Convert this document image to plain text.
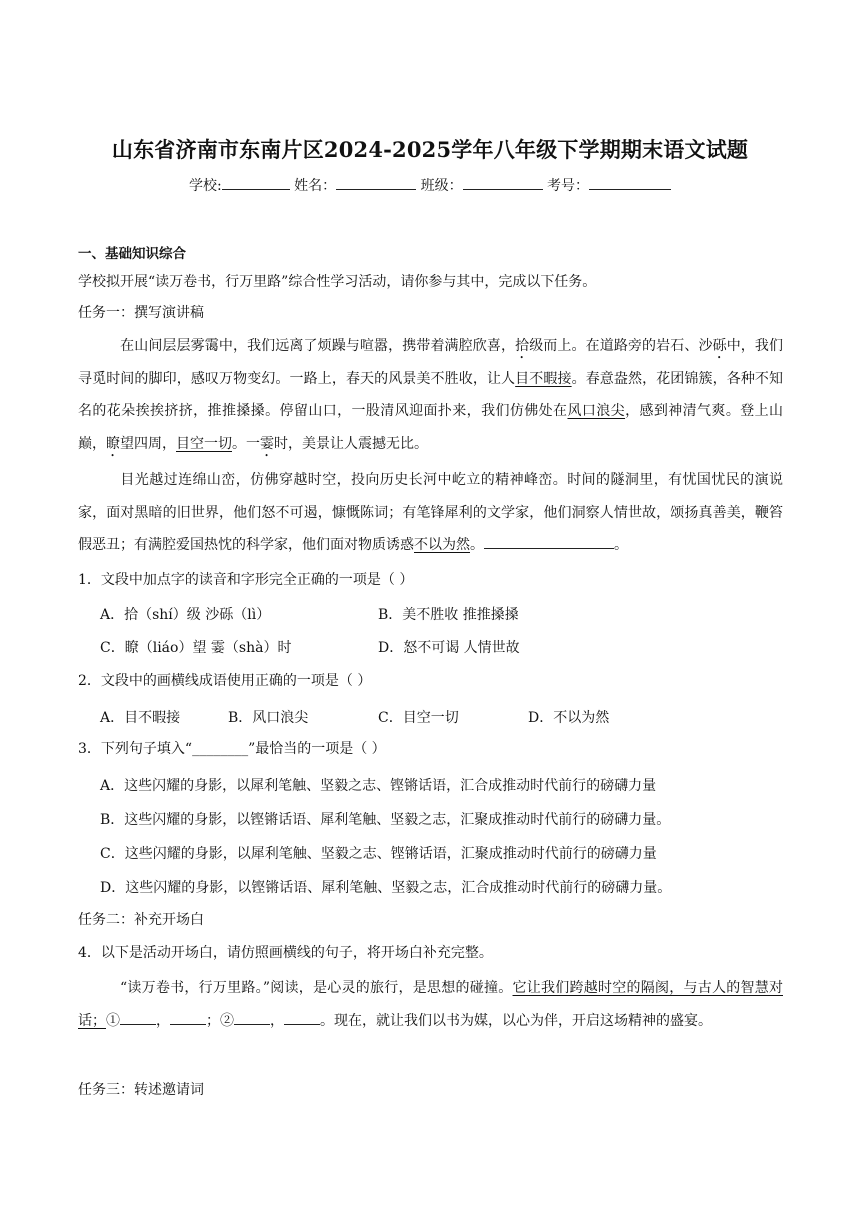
山东省济南市东南片区2024-2025学年八年级下学期期末语文试题
学校:	姓名：	班级：	考号：
一、基础知识综合
学校拟开展“读万卷书，行万里路”综合性学习活动，请你参与其中，完成以下任务。
任务一：撰写演讲稿
在山间层层雾霭中，我们远离了烦躁与喧嚣，携带着满腔欣喜，拾级而上。在道路旁的岩石、沙砾中，我们寻觅时间的脚印，感叹万物变幻。一路上，春天的风景美不胜收，让人目不暇接。春意盎然，花团锦簇，各种不知名的花朵挨挨挤挤，推推搡搡。停留山口，一股清风迎面扑来，我们仿佛处在风口浪尖，感到神清气爽。登上山巅，瞭望四周，目空一切。一霎时，美景让人震撼无比。
目光越过连绵山峦，仿佛穿越时空，投向历史长河中屹立的精神峰峦。时间的隧洞里，有忧国忧民的演说家，面对黑暗的旧世界，他们怒不可遏，慷慨陈词；有笔锋犀利的文学家，他们洞察人情世故，颂扬真善美，鞭笞假恶丑；有满腔爱国热忱的科学家，他们面对物质诱惑不以为然。	。
1．文段中加点字的读音和字形完全正确的一项是（ ）
A．拾（shí）级 沙砾（lì）	B．美不胜收 推推搡搡
C．瞭（liáo）望 霎（shà）时	D．怒不可谒 人情世故
2．文段中的画横线成语使用正确的一项是（ ）
A．目不暇接	B．风口浪尖	C．目空一切	D．不以为然
3．下列句子填入“________”最恰当的一项是（ ）
A．这些闪耀的身影，以犀利笔触、坚毅之志、铿锵话语，汇合成推动时代前行的磅礴力量
B．这些闪耀的身影，以铿锵话语、犀利笔触、坚毅之志，汇聚成推动时代前行的磅礴力量。
C．这些闪耀的身影，以犀利笔触、坚毅之志、铿锵话语，汇聚成推动时代前行的磅礴力量
D．这些闪耀的身影，以铿锵话语、犀利笔触、坚毅之志，汇合成推动时代前行的磅礴力量。
任务二：补充开场白
4．以下是活动开场白，请仿照画横线的句子，将开场白补充完整。
“读万卷书，行万里路。”阅读，是心灵的旅行，是思想的碰撞。它让我们跨越时空的隔阂，与古人的智慧对话；①	，	；②	，	。现在，就让我们以书为媒，以心为伴，开启这场精神的盛宴。
任务三：转述邀请词
